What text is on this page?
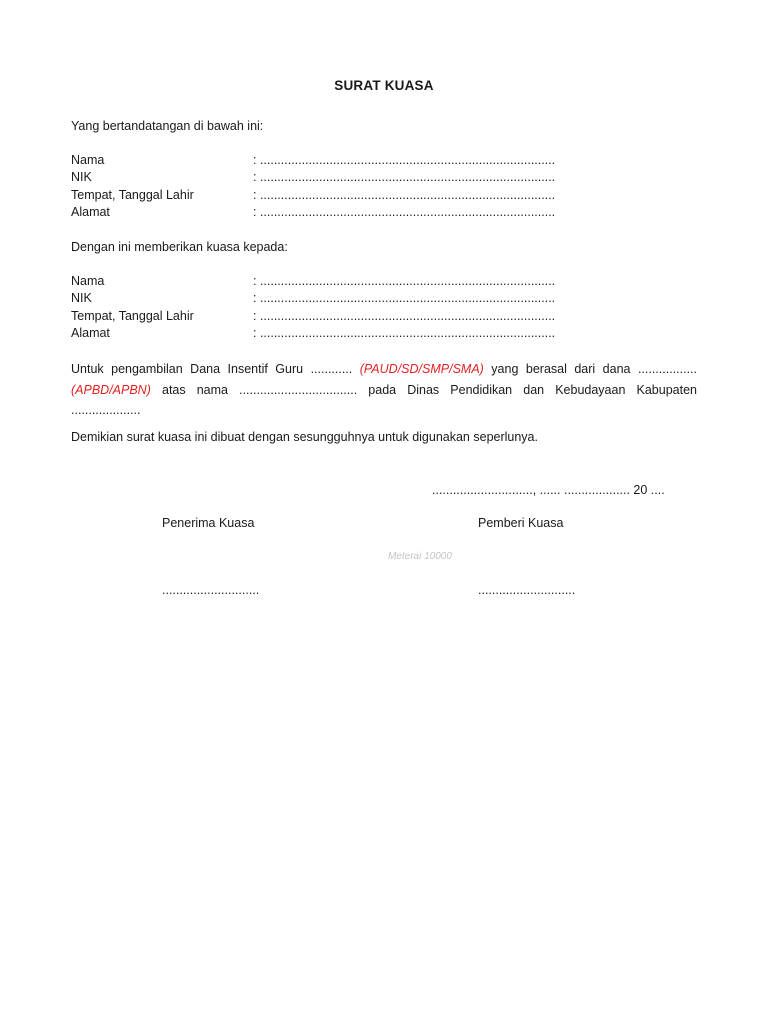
SURAT KUASA
Yang bertandatangan di bawah ini:
Nama	: .....................................................................................
NIK	: .....................................................................................
Tempat, Tanggal Lahir	: .....................................................................................
Alamat	: .....................................................................................
Dengan ini memberikan kuasa kepada:
Nama	: .....................................................................................
NIK	: .....................................................................................
Tempat, Tanggal Lahir	: .....................................................................................
Alamat	: .....................................................................................
Untuk pengambilan Dana Insentif Guru ............ (PAUD/SD/SMP/SMA) yang berasal dari dana ................. (APBD/APBN) atas nama .................................. pada Dinas Pendidikan dan Kebudayaan Kabupaten ....................
Demikian surat kuasa ini dibuat dengan sesungguhnya untuk digunakan seperlunya.
............................., ...... ................... 20 ....
Penerima Kuasa	Pemberi Kuasa
Meterai 10000
............................	............................
